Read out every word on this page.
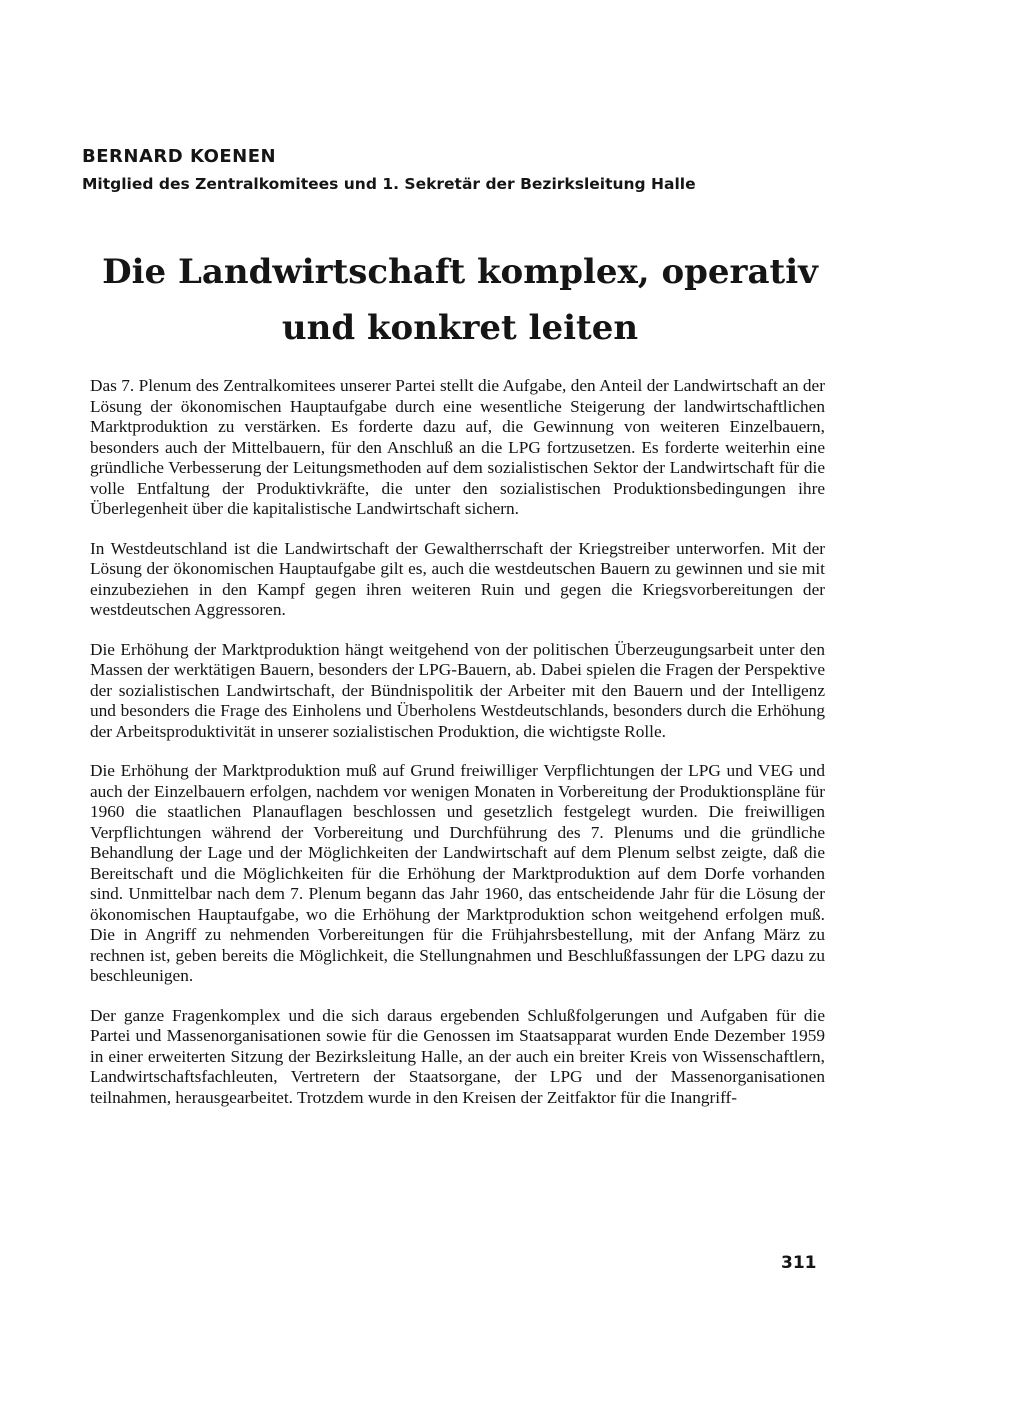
BERNARD KOENEN
Mitglied des Zentralkomitees und 1. Sekretär der Bezirksleitung Halle
Die Landwirtschaft komplex, operativ und konkret leiten

Das 7. Plenum des Zentralkomitees unserer Partei stellt die Aufgabe, den Anteil der Landwirtschaft an der Lösung der ökonomischen Hauptaufgabe durch eine wesentliche Steigerung der landwirtschaftlichen Marktproduktion zu verstärken. Es forderte dazu auf, die Gewinnung von weiteren Einzelbauern, besonders auch der Mittelbauern, für den Anschluß an die LPG fortzusetzen. Es forderte weiterhin eine gründliche Verbesserung der Leitungsmethoden auf dem sozialistischen Sektor der Landwirtschaft für die volle Entfaltung der Produktivkräfte, die unter den sozialistischen Produktionsbedingungen ihre Überlegenheit über die kapitalistische Landwirtschaft sichern.

In Westdeutschland ist die Landwirtschaft der Gewaltherrschaft der Kriegstreiber unterworfen. Mit der Lösung der ökonomischen Hauptaufgabe gilt es, auch die westdeutschen Bauern zu gewinnen und sie mit einzubeziehen in den Kampf gegen ihren weiteren Ruin und gegen die Kriegsvorbereitungen der westdeutschen Aggressoren.

Die Erhöhung der Marktproduktion hängt weitgehend von der politischen Überzeugungsarbeit unter den Massen der werktätigen Bauern, besonders der LPG-Bauern, ab. Dabei spielen die Fragen der Perspektive der sozialistischen Landwirtschaft, der Bündnispolitik der Arbeiter mit den Bauern und der Intelligenz und besonders die Frage des Einholens und Überholens Westdeutschlands, besonders durch die Erhöhung der Arbeitsproduktivität in unserer sozialistischen Produktion, die wichtigste Rolle.

Die Erhöhung der Marktproduktion muß auf Grund freiwilliger Verpflichtungen der LPG und VEG und auch der Einzelbauern erfolgen, nachdem vor wenigen Monaten in Vorbereitung der Produktionspläne für 1960 die staatlichen Planauflagen beschlossen und gesetzlich festgelegt wurden. Die freiwilligen Verpflichtungen während der Vorbereitung und Durchführung des 7. Plenums und die gründliche Behandlung der Lage und der Möglichkeiten der Landwirtschaft auf dem Plenum selbst zeigte, daß die Bereitschaft und die Möglichkeiten für die Erhöhung der Marktproduktion auf dem Dorfe vorhanden sind. Unmittelbar nach dem 7. Plenum begann das Jahr 1960, das entscheidende Jahr für die Lösung der ökonomischen Hauptaufgabe, wo die Erhöhung der Marktproduktion schon weitgehend erfolgen muß. Die in Angriff zu nehmenden Vorbereitungen für die Frühjahrsbestellung, mit der Anfang März zu rechnen ist, geben bereits die Möglichkeit, die Stellungnahmen und Beschlußfassungen der LPG dazu zu beschleunigen.

Der ganze Fragenkomplex und die sich daraus ergebenden Schlußfolgerungen und Aufgaben für die Partei und Massenorganisationen sowie für die Genossen im Staatsapparat wurden Ende Dezember 1959 in einer erweiterten Sitzung der Bezirksleitung Halle, an der auch ein breiter Kreis von Wissenschaftlern, Landwirtschaftsfachleuten, Vertretern der Staatsorgane, der LPG und der Massenorganisationen teilnahmen, herausgearbeitet. Trotzdem wurde in den Kreisen der Zeitfaktor für die Inangriff-

311
